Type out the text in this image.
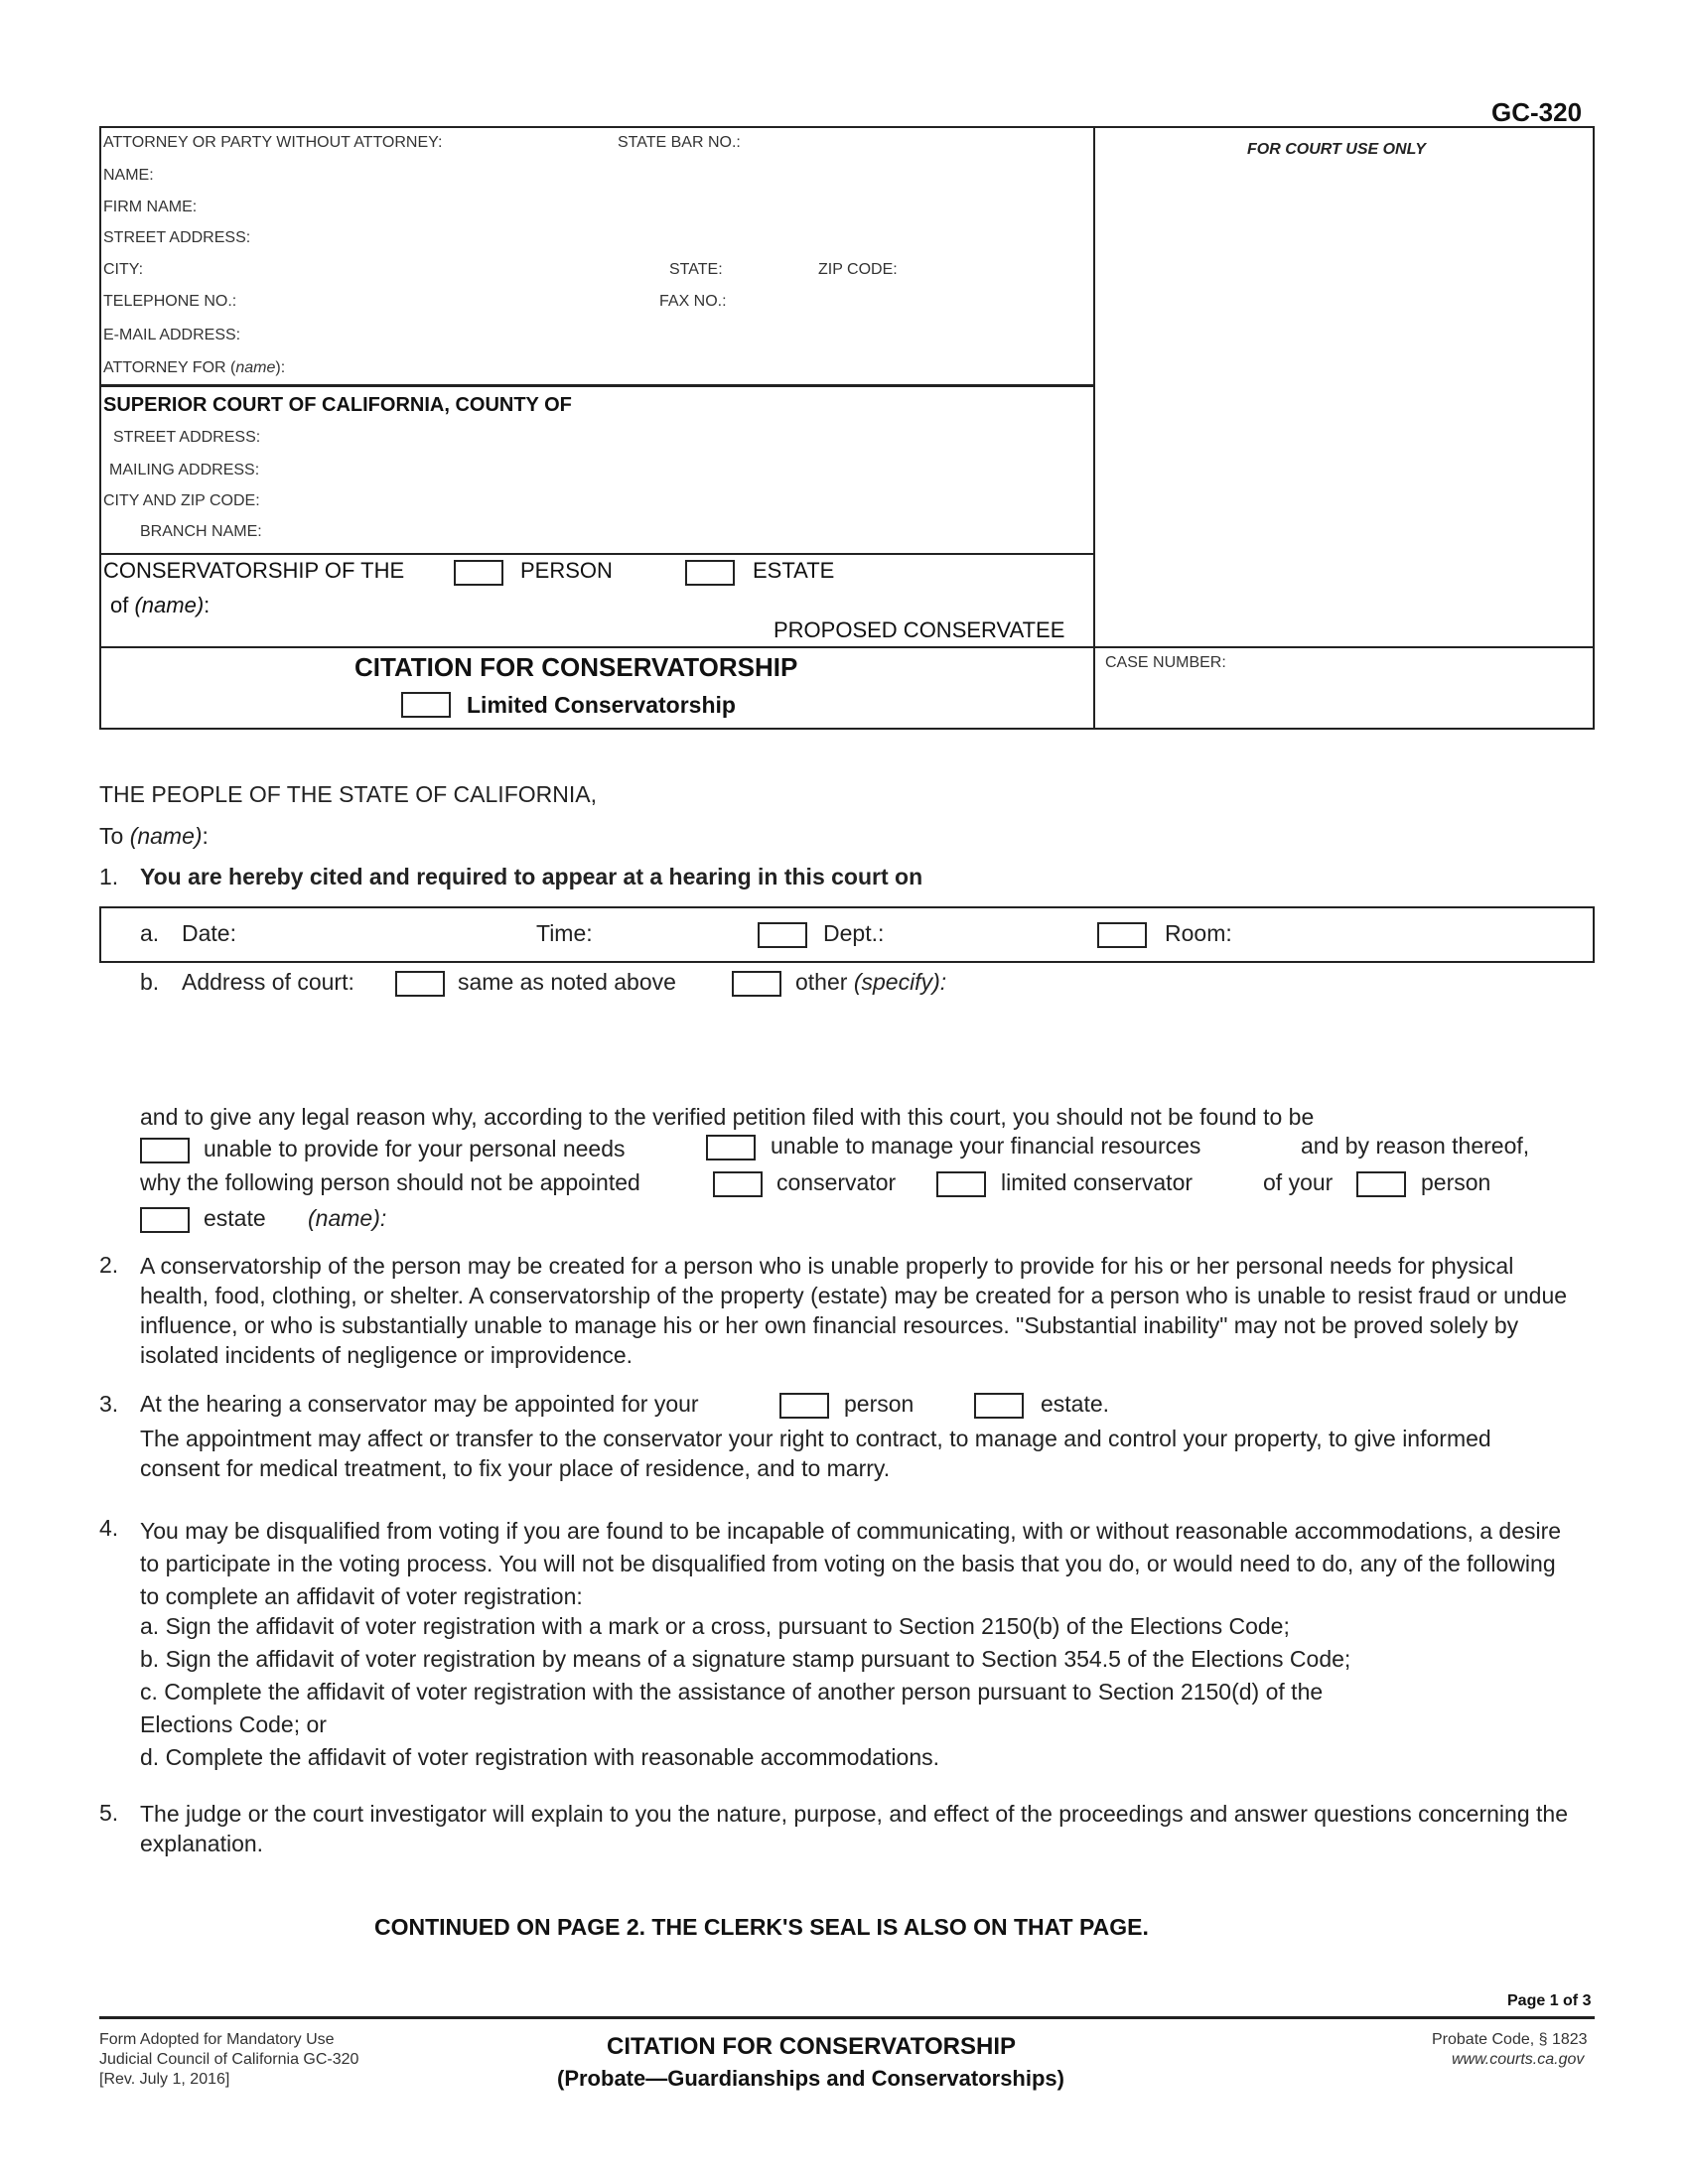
GC-320
ATTORNEY OR PARTY WITHOUT ATTORNEY:	STATE BAR NO.:
NAME:
FIRM NAME:
STREET ADDRESS:
CITY:	STATE:	ZIP CODE:
TELEPHONE NO.:	FAX NO.:
E-MAIL ADDRESS:
ATTORNEY FOR (name):
FOR COURT USE ONLY
SUPERIOR COURT OF CALIFORNIA, COUNTY OF
STREET ADDRESS:
MAILING ADDRESS:
CITY AND ZIP CODE:
BRANCH NAME:
CONSERVATORSHIP OF THE	PERSON	ESTATE
of (name):
PROPOSED CONSERVATEE
CITATION FOR CONSERVATORSHIP
Limited Conservatorship
CASE NUMBER:
THE PEOPLE OF THE STATE OF CALIFORNIA,
To (name):
1. You are hereby cited and required to appear at a hearing in this court on
a. Date:	Time:	Dept.:	Room:
b. Address of court:	same as noted above	other (specify):
and to give any legal reason why, according to the verified petition filed with this court, you should not be found to be
unable to provide for your personal needs	unable to manage your financial resources	and by reason thereof,
why the following person should not be appointed	conservator	limited conservator	of your	person
estate (name):
2. A conservatorship of the person may be created for a person who is unable properly to provide for his or her personal needs for physical health, food, clothing, or shelter. A conservatorship of the property (estate) may be created for a person who is unable to resist fraud or undue influence, or who is substantially unable to manage his or her own financial resources. "Substantial inability" may not be proved solely by isolated incidents of negligence or improvidence.
3. At the hearing a conservator may be appointed for your	person	estate.
The appointment may affect or transfer to the conservator your right to contract, to manage and control your property, to give informed consent for medical treatment, to fix your place of residence, and to marry.
4. You may be disqualified from voting if you are found to be incapable of communicating, with or without reasonable accommodations, a desire to participate in the voting process. You will not be disqualified from voting on the basis that you do, or would need to do, any of the following to complete an affidavit of voter registration:
a. Sign the affidavit of voter registration with a mark or a cross, pursuant to Section 2150(b) of the Elections Code;
b. Sign the affidavit of voter registration by means of a signature stamp pursuant to Section 354.5 of the Elections Code;
c. Complete the affidavit of voter registration with the assistance of another person pursuant to Section 2150(d) of the
Elections Code; or
d. Complete the affidavit of voter registration with reasonable accommodations.
5. The judge or the court investigator will explain to you the nature, purpose, and effect of the proceedings and answer questions concerning the explanation.
CONTINUED ON PAGE 2. THE CLERK'S SEAL IS ALSO ON THAT PAGE.
Page 1 of 3
Form Adopted for Mandatory Use
Judicial Council of California GC-320
[Rev. July 1, 2016]
CITATION FOR CONSERVATORSHIP
(Probate—Guardianships and Conservatorships)
Probate Code, § 1823
www.courts.ca.gov
